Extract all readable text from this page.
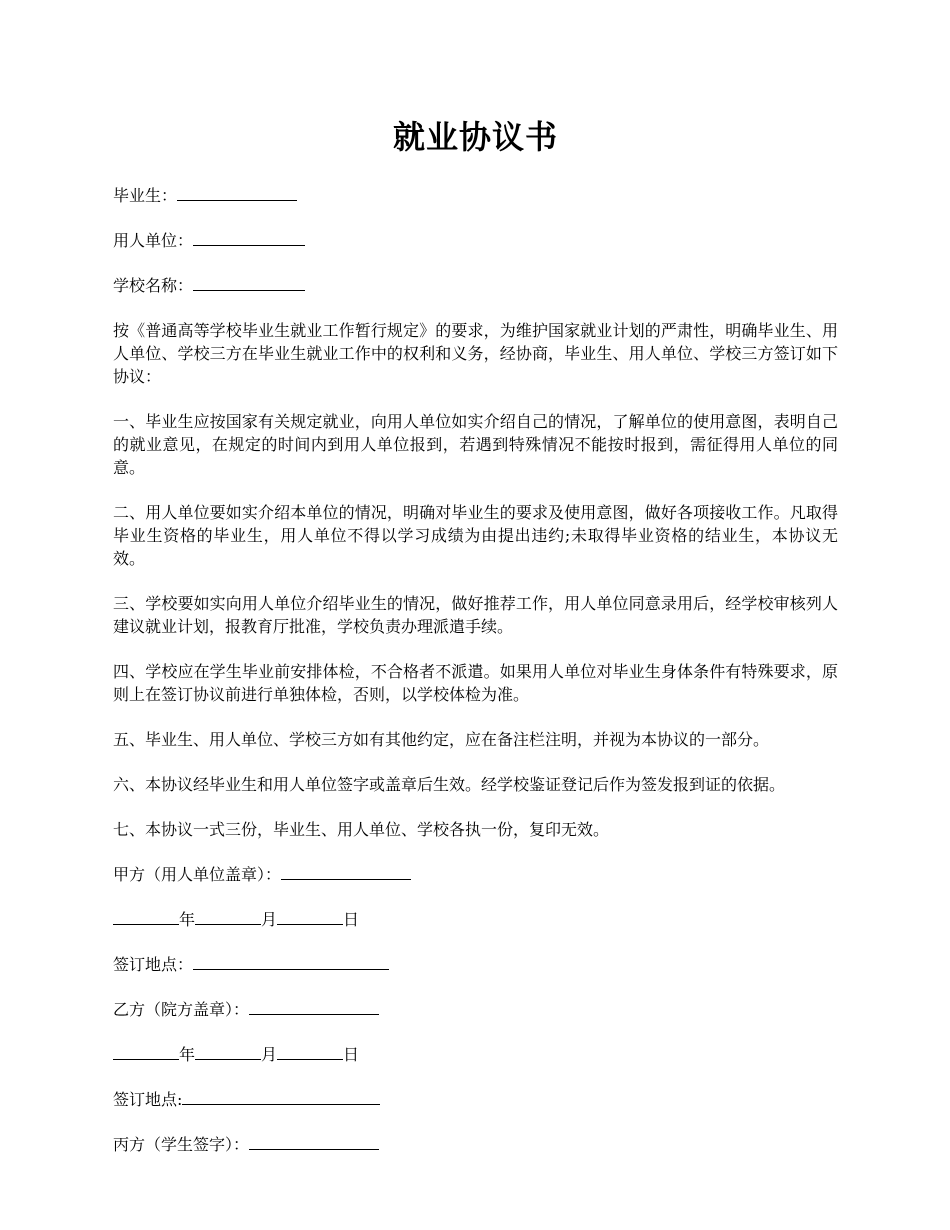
就业协议书
毕业生：
用人单位：
学校名称：
按《普通高等学校毕业生就业工作暂行规定》的要求，为维护国家就业计划的严肃性，明确毕业生、用人单位、学校三方在毕业生就业工作中的权利和义务，经协商，毕业生、用人单位、学校三方签订如下协议：
一、毕业生应按国家有关规定就业，向用人单位如实介绍自己的情况，了解单位的使用意图，表明自己的就业意见，在规定的时间内到用人单位报到，若遇到特殊情况不能按时报到，需征得用人单位的同意。
二、用人单位要如实介绍本单位的情况，明确对毕业生的要求及使用意图，做好各项接收工作。凡取得毕业生资格的毕业生，用人单位不得以学习成绩为由提出违约;未取得毕业资格的结业生，本协议无效。
三、学校要如实向用人单位介绍毕业生的情况，做好推荐工作，用人单位同意录用后，经学校审核列人建议就业计划，报教育厅批准，学校负责办理派遣手续。
四、学校应在学生毕业前安排体检，不合格者不派遣。如果用人单位对毕业生身体条件有特殊要求，原则上在签订协议前进行单独体检，否则，以学校体检为准。
五、毕业生、用人单位、学校三方如有其他约定，应在备注栏注明，并视为本协议的一部分。
六、本协议经毕业生和用人单位签字或盖章后生效。经学校鉴证登记后作为签发报到证的依据。
七、本协议一式三份，毕业生、用人单位、学校各执一份，复印无效。
甲方（用人单位盖章）：
年	月	日
签订地点：
乙方（院方盖章）：
年	月	日
签订地点:
丙方（学生签字）：
